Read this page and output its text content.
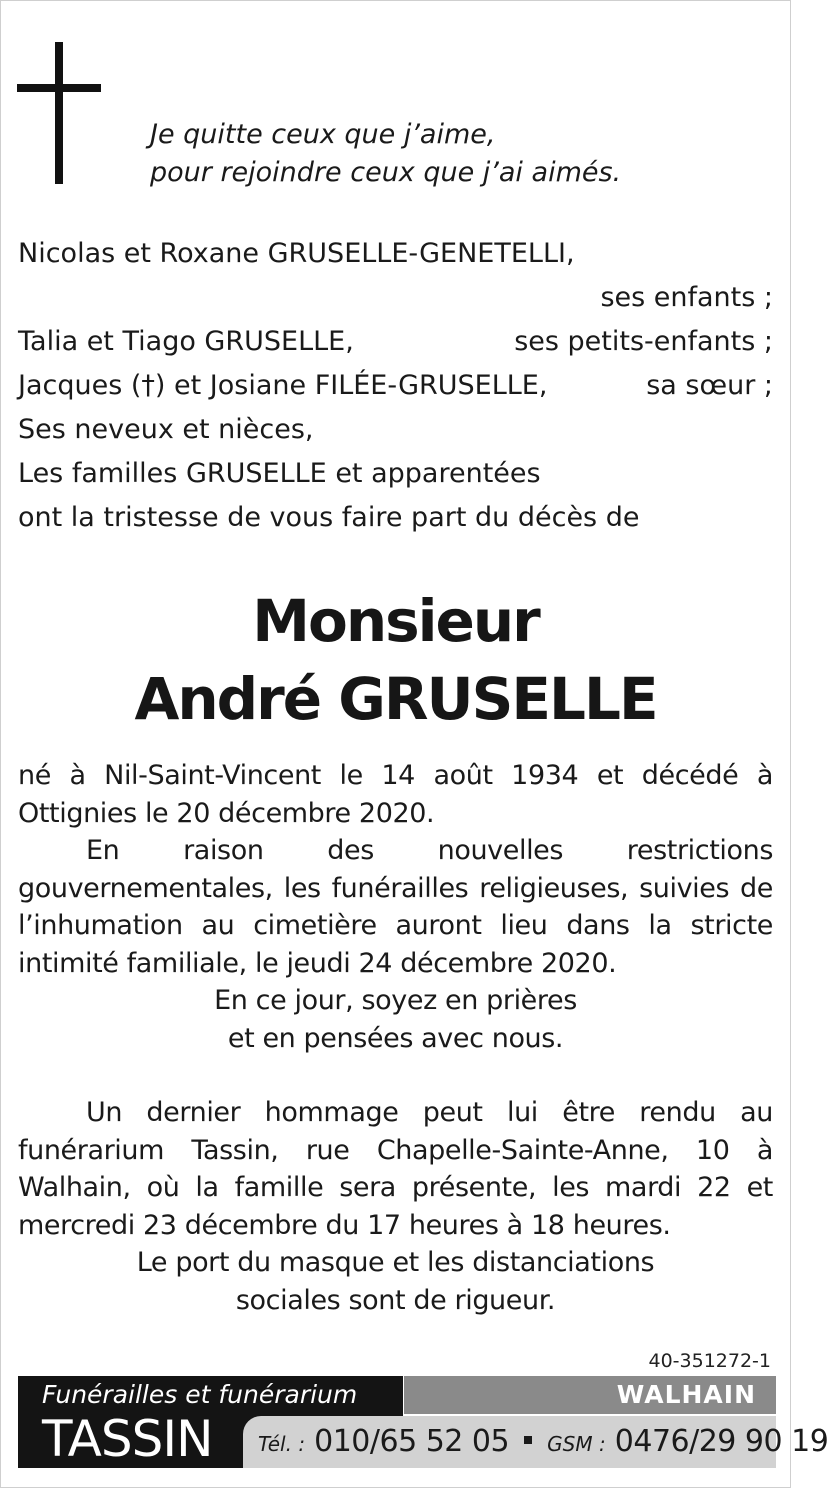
Je quitte ceux que j’aime,
pour rejoindre ceux que j’ai aimés.
Nicolas et Roxane GRUSELLE-GENETELLI,
ses enfants ;
Talia et Tiago GRUSELLE,	ses petits-enfants ;
Jacques (†) et Josiane FILÉE-GRUSELLE,	sa sœur ;
Ses neveux et nièces,
Les familles GRUSELLE et apparentées
ont la tristesse de vous faire part du décès de
Monsieur
André GRUSELLE

né à Nil-Saint-Vincent le 14 août 1934 et décédé à Ottignies le 20 décembre 2020.

En raison des nouvelles restrictions gouvernementales, les funérailles religieuses, suivies de l’inhumation au cimetière auront lieu dans la stricte intimité familiale, le jeudi 24 décembre 2020.

En ce jour, soyez en prières

et en pensées avec nous.

Un dernier hommage peut lui être rendu au funérarium Tassin, rue Chapelle-Sainte-Anne, 10 à Walhain, où la famille sera présente, les mardi 22 et mercredi 23 décembre du 17 heures à 18 heures.

Le port du masque et les distanciations

sociales sont de rigueur.

40-351272-1
Funérailles et funérarium
TASSIN
WALHAIN
Tél. : 010/65 52 05 GSM : 0476/29 90 19
